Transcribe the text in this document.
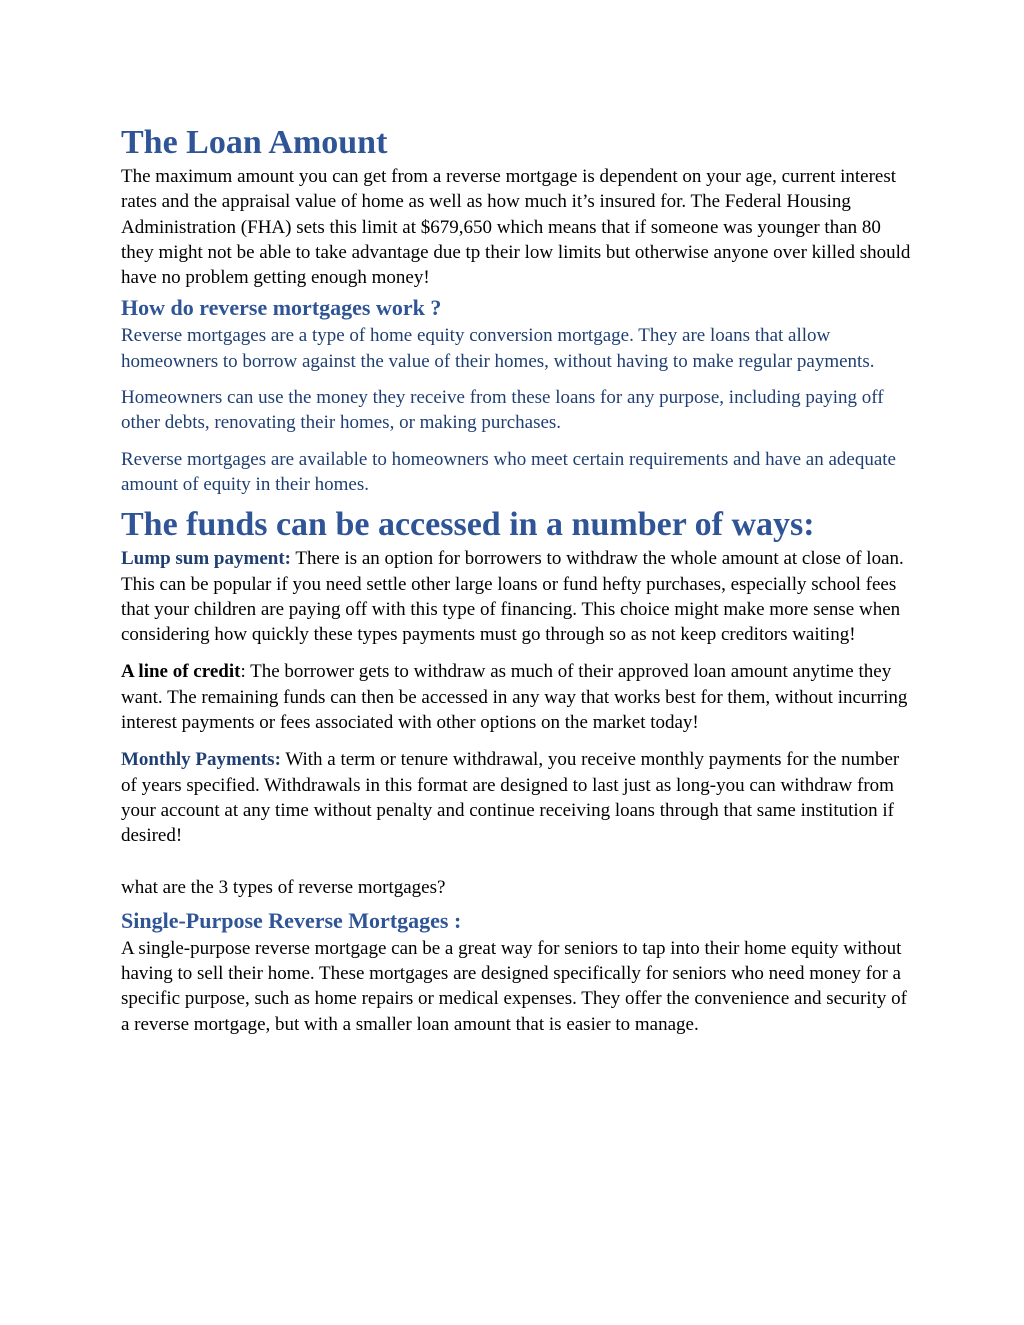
The Loan Amount

The maximum amount you can get from a reverse mortgage is dependent on your age, current interest rates and the appraisal value of home as well as how much it’s insured for. The Federal Housing Administration (FHA) sets this limit at $679,650 which means that if someone was younger than 80 they might not be able to take advantage due tp their low limits but otherwise anyone over killed should have no problem getting enough money!

How do reverse mortgages work ?

Reverse mortgages are a type of home equity conversion mortgage. They are loans that allow homeowners to borrow against the value of their homes, without having to make regular payments.

Homeowners can use the money they receive from these loans for any purpose, including paying off other debts, renovating their homes, or making purchases.

Reverse mortgages are available to homeowners who meet certain requirements and have an adequate amount of equity in their homes.

The funds can be accessed in a number of ways:

Lump sum payment: There is an option for borrowers to withdraw the whole amount at close of loan. This can be popular if you need settle other large loans or fund hefty purchases, especially school fees that your children are paying off with this type of financing. This choice might make more sense when considering how quickly these types payments must go through so as not keep creditors waiting!

A line of credit: The borrower gets to withdraw as much of their approved loan amount anytime they want. The remaining funds can then be accessed in any way that works best for them, without incurring interest payments or fees associated with other options on the market today!

Monthly Payments: With a term or tenure withdrawal, you receive monthly payments for the number of years specified. Withdrawals in this format are designed to last just as long-you can withdraw from your account at any time without penalty and continue receiving loans through that same institution if desired!

what are the 3 types of reverse mortgages?

Single-Purpose Reverse Mortgages :

A single-purpose reverse mortgage can be a great way for seniors to tap into their home equity without having to sell their home. These mortgages are designed specifically for seniors who need money for a specific purpose, such as home repairs or medical expenses. They offer the convenience and security of a reverse mortgage, but with a smaller loan amount that is easier to manage.
